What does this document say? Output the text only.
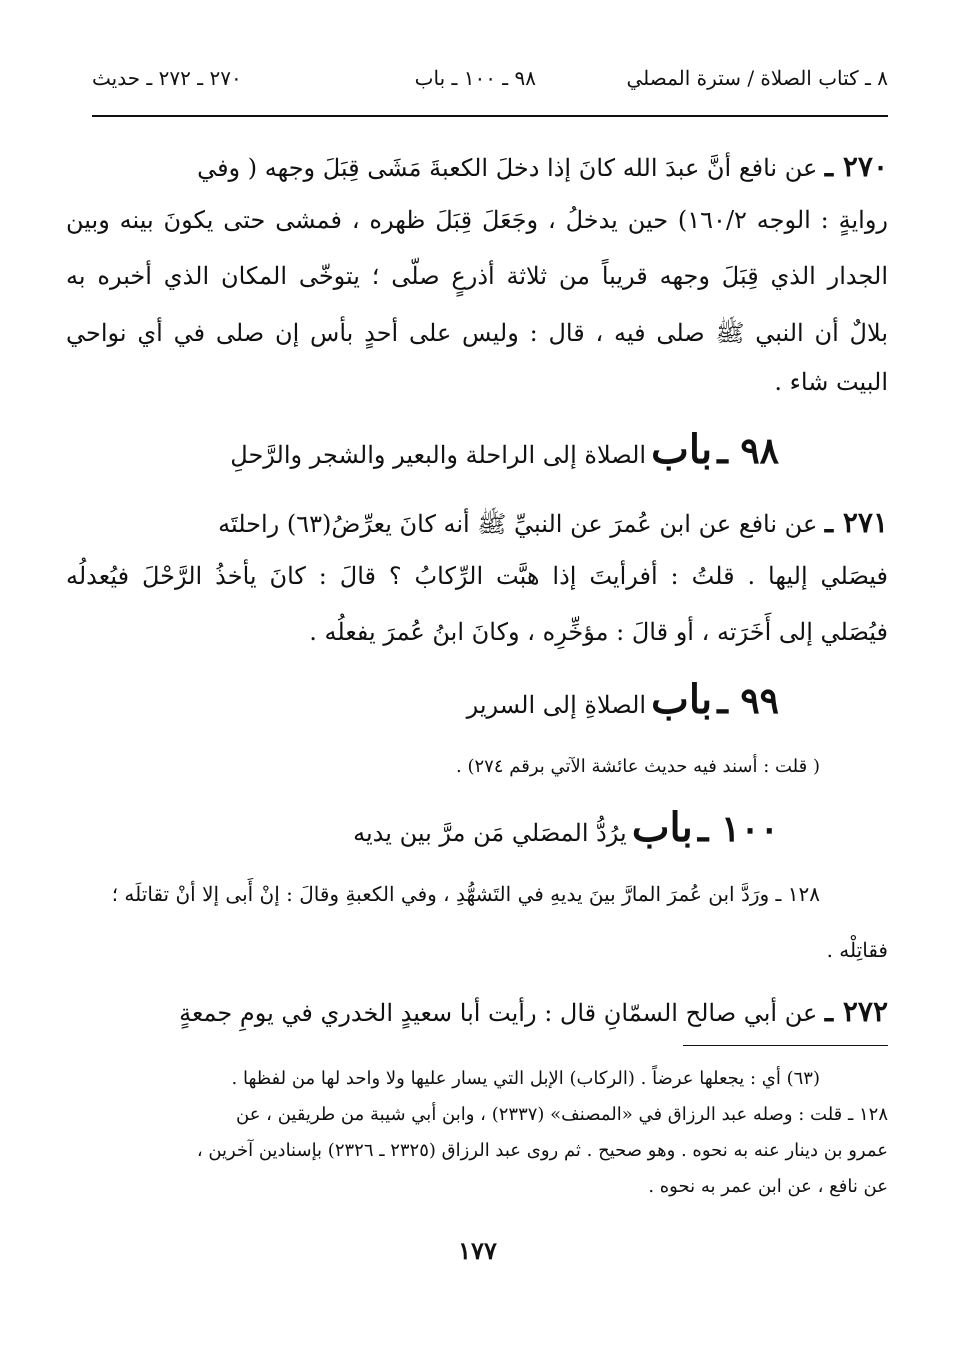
٨ ـ كتاب الصلاة / سترة المصلي
٩٨ ـ ١٠٠ ـ باب
٢٧٠ ـ ٢٧٢ ـ حديث
٢٧٠ ـ عن نافع أنَّ عبدَ الله كانَ إذا دخلَ الكعبةَ مَشَى قِبَلَ وجهه ( وفي
روايةٍ : الوجه ١٦٠/٢) حين يدخلُ ، وجَعَلَ قِبَلَ ظهره ، فمشى حتى يكونَ بينه وبين
الجدار الذي قِبَلَ وجهه قريباً من ثلاثة أذرعٍ صلّى ؛ يتوخّى المكان الذي أخبره به
بلالٌ أن النبي ﷺ صلى فيه ، قال : وليس على أحدٍ بأس إن صلى في أي نواحي
البيت شاء .
٩٨ ـ باب الصلاة إلى الراحلة والبعير والشجر والرَّحلِ
٢٧١ ـ عن نافع عن ابن عُمرَ عن النبيِّ ﷺ أنه كانَ يعرِّضُ(٦٣) راحلتَه
فيصَلي إليها . قلتُ : أفرأيتَ إذا هبَّت الرِّكابُ ؟ قالَ : كانَ يأخذُ الرَّحْلَ فيُعدلُه
فيُصَلي إلى أَخَرَته ، أو قالَ : مؤخِّرِه ، وكانَ ابنُ عُمرَ يفعلُه .
٩٩ ـ باب الصلاةِ إلى السرير
( قلت : أسند فيه حديث عائشة الآتي برقم ٢٧٤) .
١٠٠ ـ باب يرُدُّ المصَلي مَن مرَّ بين يديه
١٢٨ ـ ورَدَّ ابن عُمرَ المارَّ بينَ يديهِ في التَشهُّدِ ، وفي الكعبةِ وقالَ : إنْ أَبى إلا أنْ تقاتلَه ؛
فقاتِلْه .
٢٧٢ ـ عن أبي صالح السمّانِ قال : رأيت أبا سعيدٍ الخدري في يومِ جمعةٍ
(٦٣) أي : يجعلها عرضاً . (الركاب) الإبل التي يسار عليها ولا واحد لها من لفظها .
١٢٨ ـ قلت : وصله عبد الرزاق في «المصنف» (٢٣٣٧) ، وابن أبي شيبة من طريقين ، عن
عمرو بن دينار عنه به نحوه . وهو صحيح . ثم روى عبد الرزاق (٢٣٢٥ ـ ٢٣٢٦) بإسنادين آخرين ،
عن نافع ، عن ابن عمر به نحوه .
١٧٧
